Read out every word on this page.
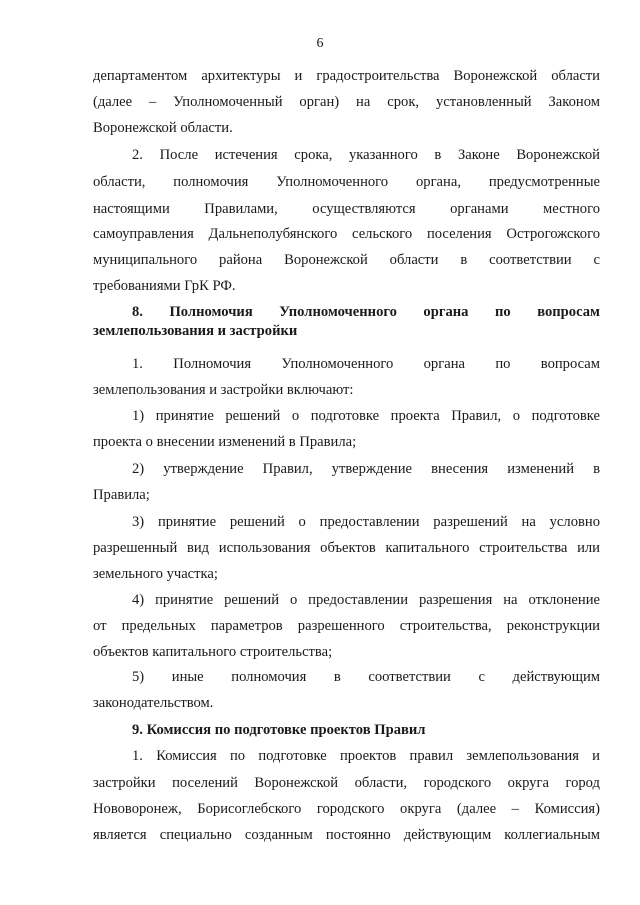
6
департаментом архитектуры и градостроительства Воронежской области
(далее – Уполномоченный орган) на срок, установленный Законом
Воронежской области.
2. После истечения срока, указанного в Законе Воронежской
области, полномочия Уполномоченного органа, предусмотренные
настоящими Правилами, осуществляются органами местного
самоуправления Дальнеполубянского сельского поселения Острогожского
муниципального района Воронежской области в соответствии с
требованиями ГрК РФ.
8. Полномочия Уполномоченного органа по вопросам
землепользования и застройки
1. Полномочия Уполномоченного органа по вопросам
землепользования и застройки включают:
1) принятие решений о подготовке проекта Правил, о подготовке
проекта о внесении изменений в Правила;
2) утверждение Правил, утверждение внесения изменений в
Правила;
3) принятие решений о предоставлении разрешений на условно
разрешенный вид использования объектов капитального строительства или
земельного участка;
4) принятие решений о предоставлении разрешения на отклонение
от предельных параметров разрешенного строительства, реконструкции
объектов капитального строительства;
5) иные полномочия в соответствии с действующим
законодательством.
9. Комиссия по подготовке проектов Правил
1. Комиссия по подготовке проектов правил землепользования и
застройки поселений Воронежской области, городского округа город
Нововоронеж, Борисоглебского городского округа (далее – Комиссия)
является специально созданным постоянно действующим коллегиальным
